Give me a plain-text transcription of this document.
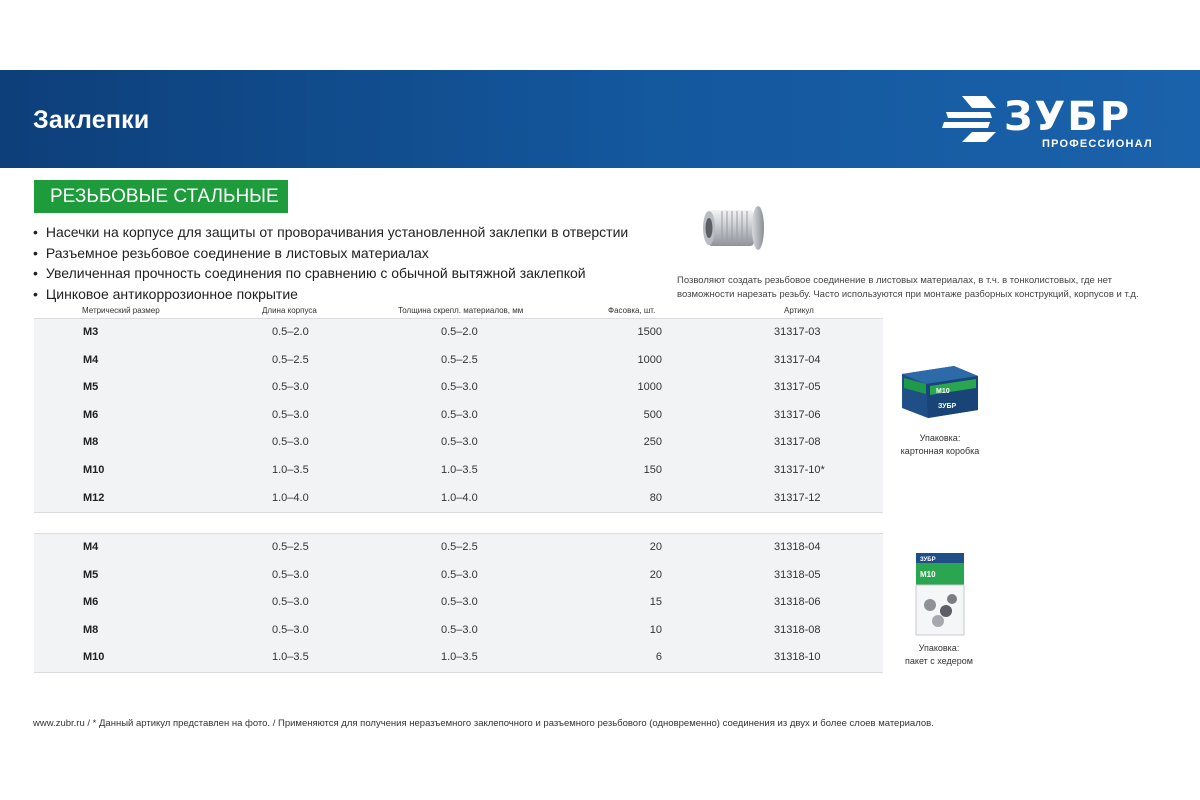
Заклепки	ЗУБР
ПРОФЕССИОНАЛ
РЕЗЬБОВЫЕ СТАЛЬНЫЕ
• Насечки на корпусе для защиты от проворачивания установленной заклепки в отверстии
• Разъемное резьбовое соединение в листовых материалах
• Увеличенная прочность соединения по сравнению с обычной вытяжной заклепкой
• Цинковое антикоррозионное покрытие
Позволяют создать резьбовое соединение в листовых материалах, в т.ч. в тонколистовых, где нет возможности нарезать резьбу. Часто используются при монтаже разборных конструкций, корпусов и т.д.
Метрический размер	Длина корпуса	Толщина скрепл. материалов, мм	Фасовка, шт.	Артикул
M3	0.5–2.0	0.5–2.0	1500	31317-03
M4	0.5–2.5	0.5–2.5	1000	31317-04
M5	0.5–3.0	0.5–3.0	1000	31317-05
M6	0.5–3.0	0.5–3.0	500	31317-06
M8	0.5–3.0	0.5–3.0	250	31317-08
M10	1.0–3.5	1.0–3.5	150	31317-10*
M12	1.0–4.0	1.0–4.0	80	31317-12
M4	0.5–2.5	0.5–2.5	20	31318-04
M5	0.5–3.0	0.5–3.0	20	31318-05
M6	0.5–3.0	0.5–3.0	15	31318-06
M8	0.5–3.0	0.5–3.0	10	31318-08
M10	1.0–3.5	1.0–3.5	6	31318-10
M10
ЗУБР
Упаковка:
картонная коробка
ЗУБР
M10
Упаковка:
пакет с хедером
www.zubr.ru / * Данный артикул представлен на фото. / Применяются для получения неразъемного заклепочного и разъемного резьбового (одновременно) соединения из двух и более слоев материалов.
